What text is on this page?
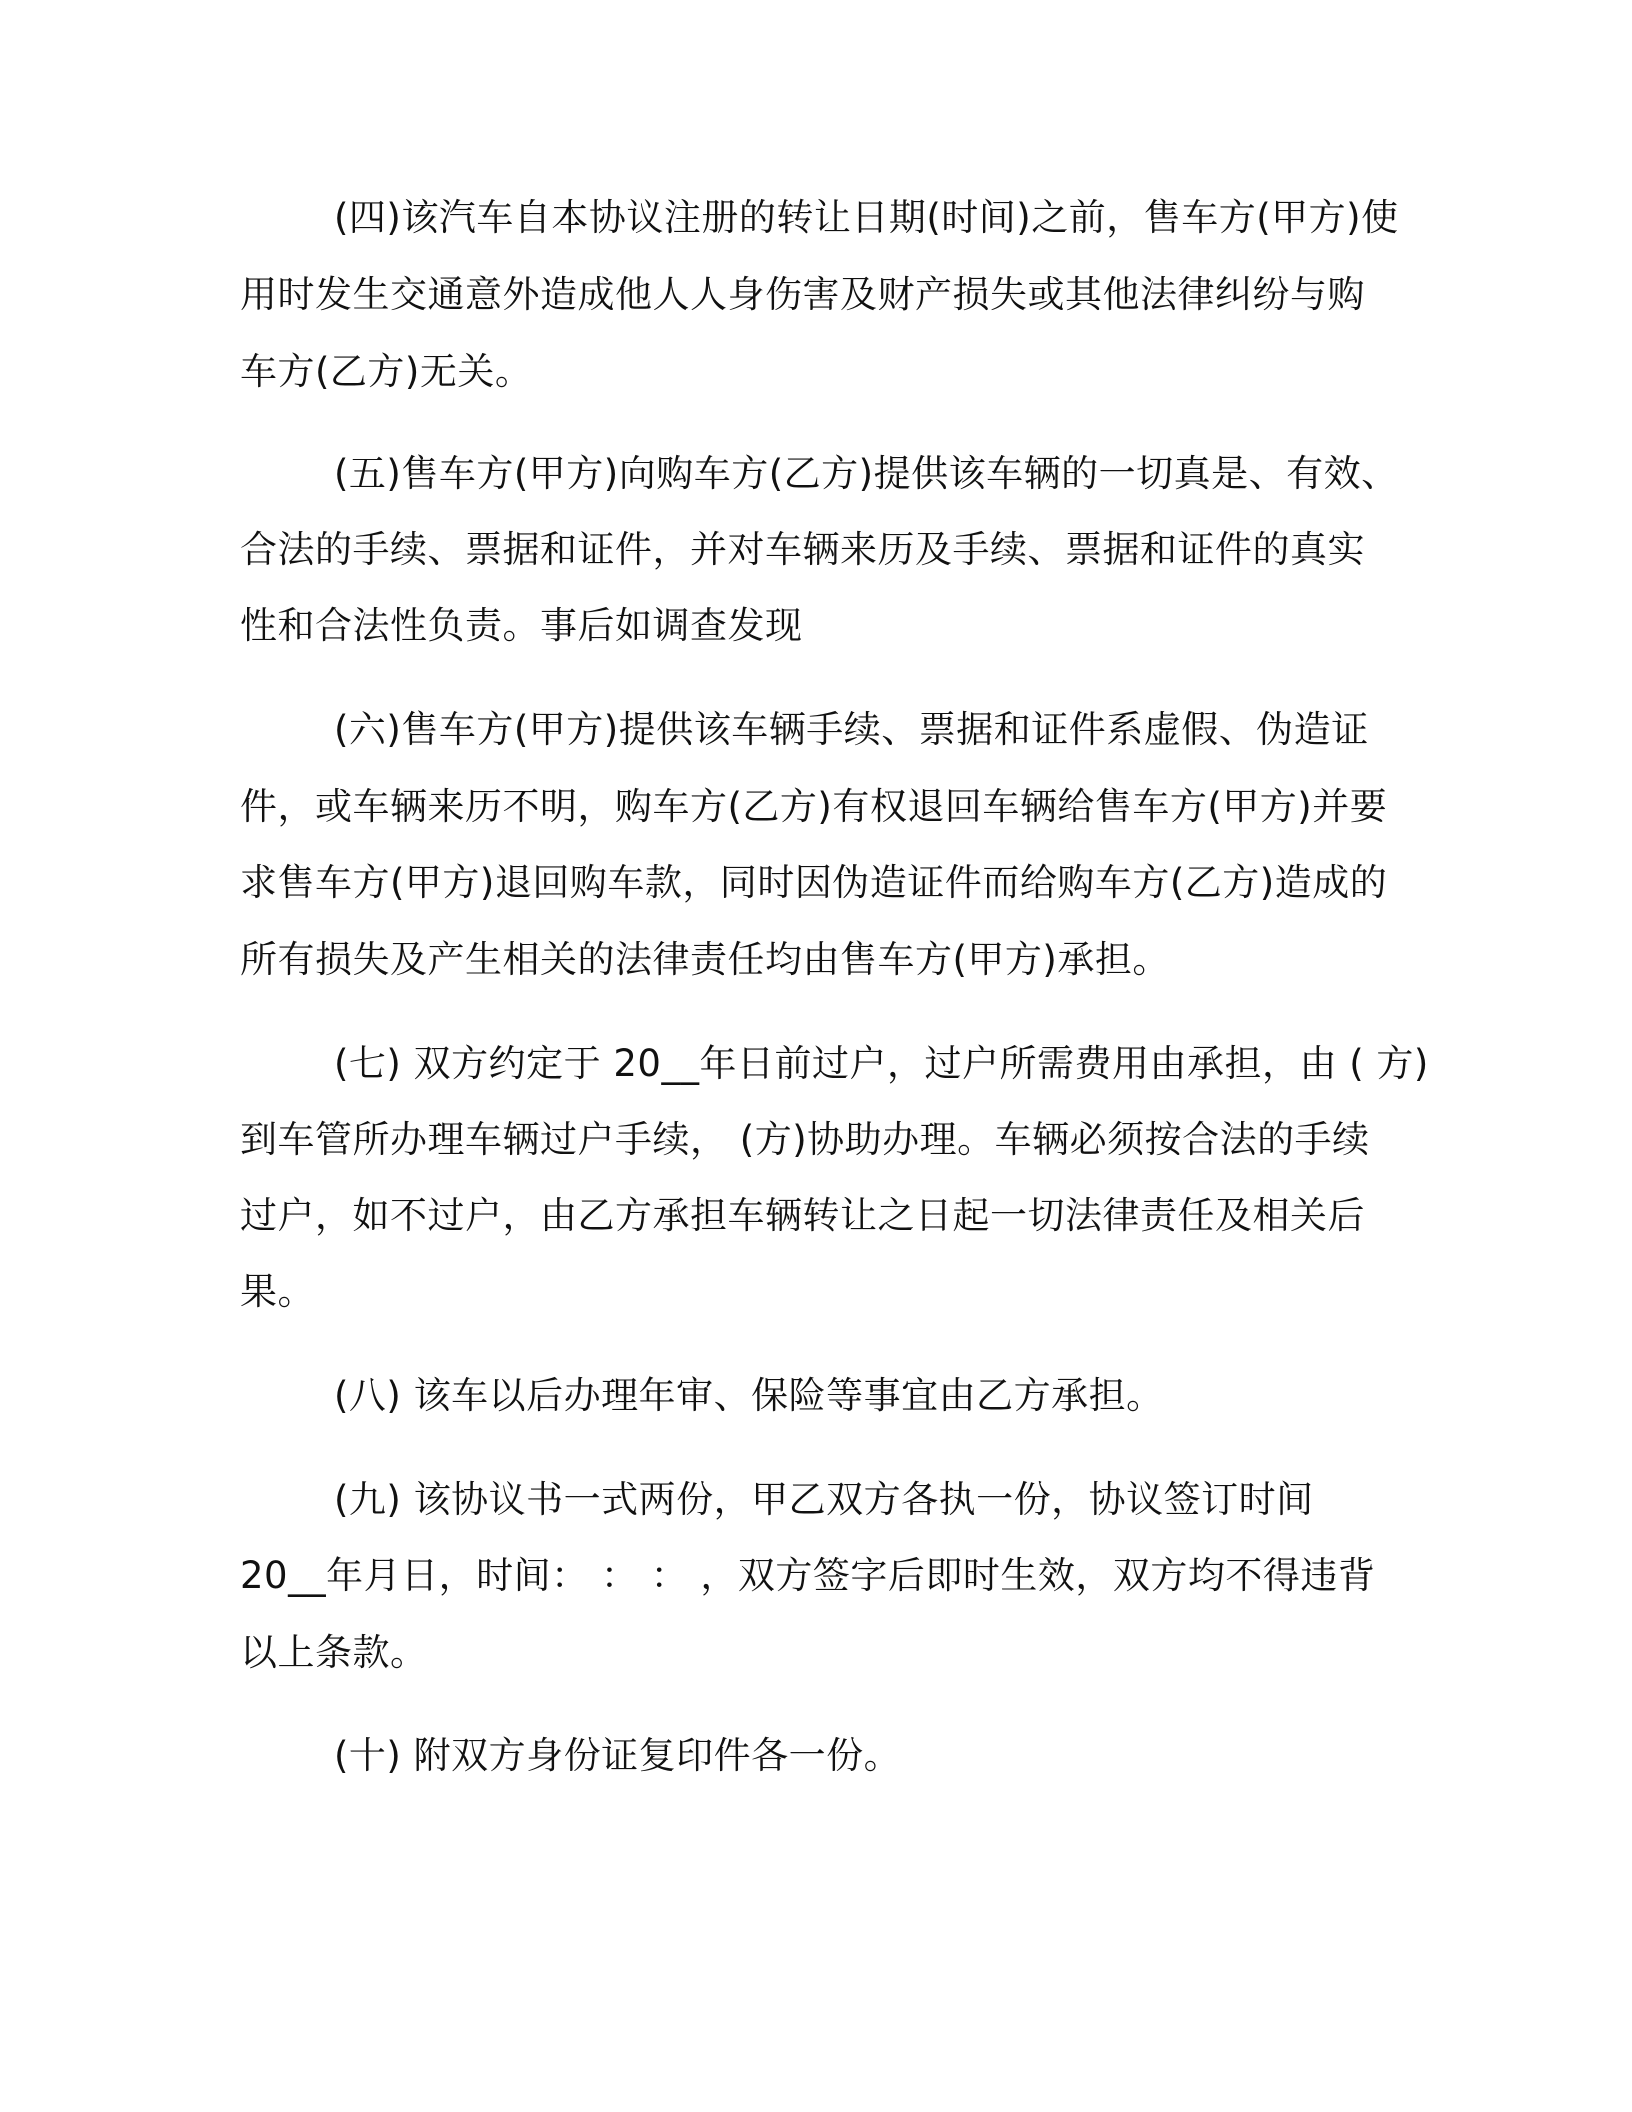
(四)该汽车自本协议注册的转让日期(时间)之前，售车方(甲方)使
用时发生交通意外造成他人人身伤害及财产损失或其他法律纠纷与购
车方(乙方)无关。
(五)售车方(甲方)向购车方(乙方)提供该车辆的一切真是、有效、
合法的手续、票据和证件，并对车辆来历及手续、票据和证件的真实
性和合法性负责。事后如调查发现
(六)售车方(甲方)提供该车辆手续、票据和证件系虚假、伪造证
件，或车辆来历不明，购车方(乙方)有权退回车辆给售车方(甲方)并要
求售车方(甲方)退回购车款，同时因伪造证件而给购车方(乙方)造成的
所有损失及产生相关的法律责任均由售车方(甲方)承担。
(七) 双方约定于 20__年日前过户，过户所需费用由承担，由 ( 方)
到车管所办理车辆过户手续， (方)协助办理。车辆必须按合法的手续
过户，如不过户，由乙方承担车辆转让之日起一切法律责任及相关后
果。
(八) 该车以后办理年审、保险等事宜由乙方承担。
(九) 该协议书一式两份，甲乙双方各执一份，协议签订时间
20__年月日，时间： ： ： ，双方签字后即时生效，双方均不得违背
以上条款。
(十) 附双方身份证复印件各一份。
